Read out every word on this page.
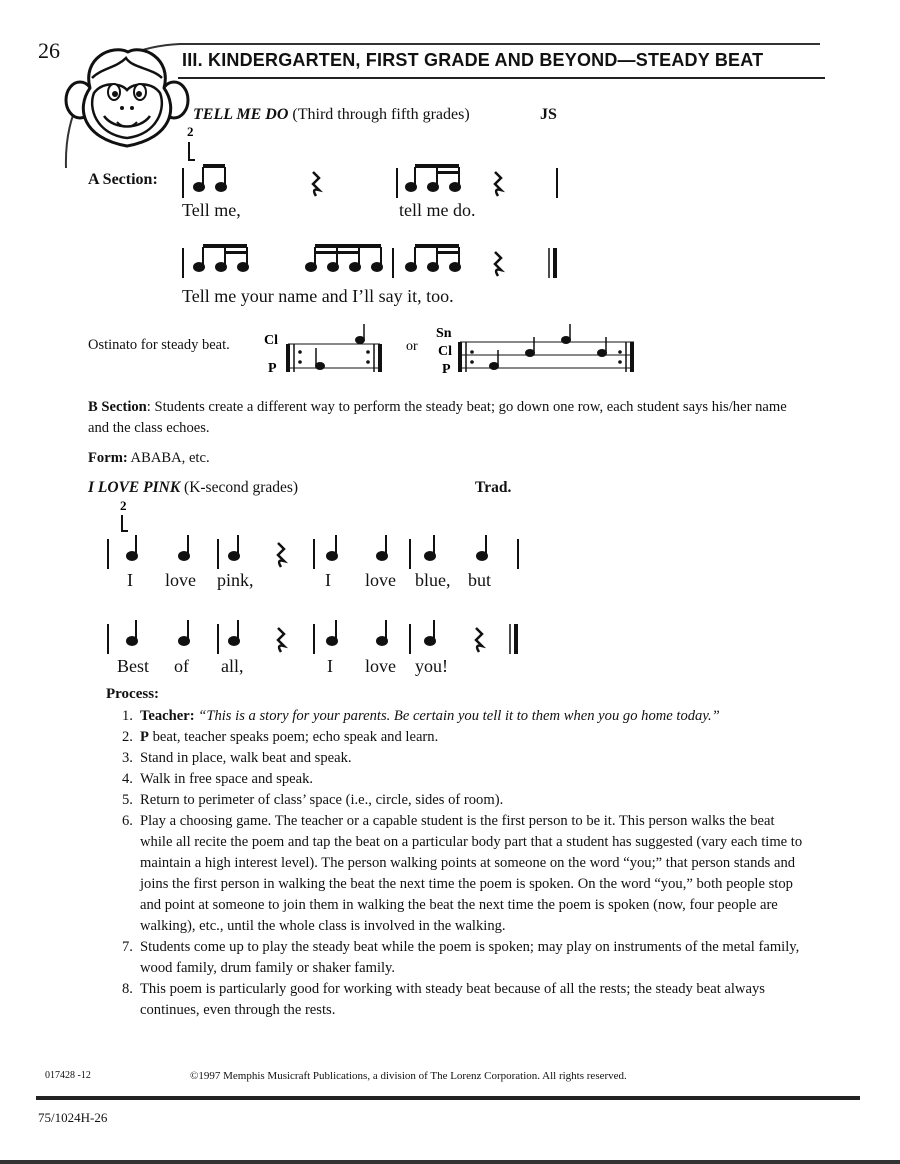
26	III. KINDERGARTEN, FIRST GRADE AND BEYOND—STEADY BEAT
TELL ME DO (Third through fifth grades)	JS
A Section:
2
Tell me,	tell me do.
Tell me your name and I’ll say it, too.
Ostinato for steady beat. Cl
P
or
Sn
Cl
P
B Section: Students create a different way to perform the steady beat; go down one row, each student says his/her name and the class echoes.
Form: ABABA, etc.
I LOVE PINK (K-second grades)	Trad.
2
I love pink,	I love blue, but
Best of all,	I love you!
Process:
1. Teacher: “This is a story for your parents. Be certain you tell it to them when you go home today.”
2. P beat, teacher speaks poem; echo speak and learn.
3. Stand in place, walk beat and speak.
4. Walk in free space and speak.
5. Return to perimeter of class’ space (i.e., circle, sides of room).
6. Play a choosing game. The teacher or a capable student is the first person to be it. This person walks the beat while all recite the poem and tap the beat on a particular body part that a student has suggested (vary each time to maintain a high interest level). The person walking points at someone on the word “you;” that person stands and joins the first person in walking the beat the next time the poem is spoken. On the word “you,” both people stop and point at someone to join them in walking the beat the next time the poem is spoken (now, four people are walking), etc., until the whole class is involved in the walking.
7. Students come up to play the steady beat while the poem is spoken; may play on instruments of the metal family, wood family, drum family or shaker family.
8. This poem is particularly good for working with steady beat because of all the rests; the steady beat always continues, even through the rests.
017428 -12	©1997 Memphis Musicraft Publications, a division of The Lorenz Corporation. All rights reserved.
75/1024H-26
